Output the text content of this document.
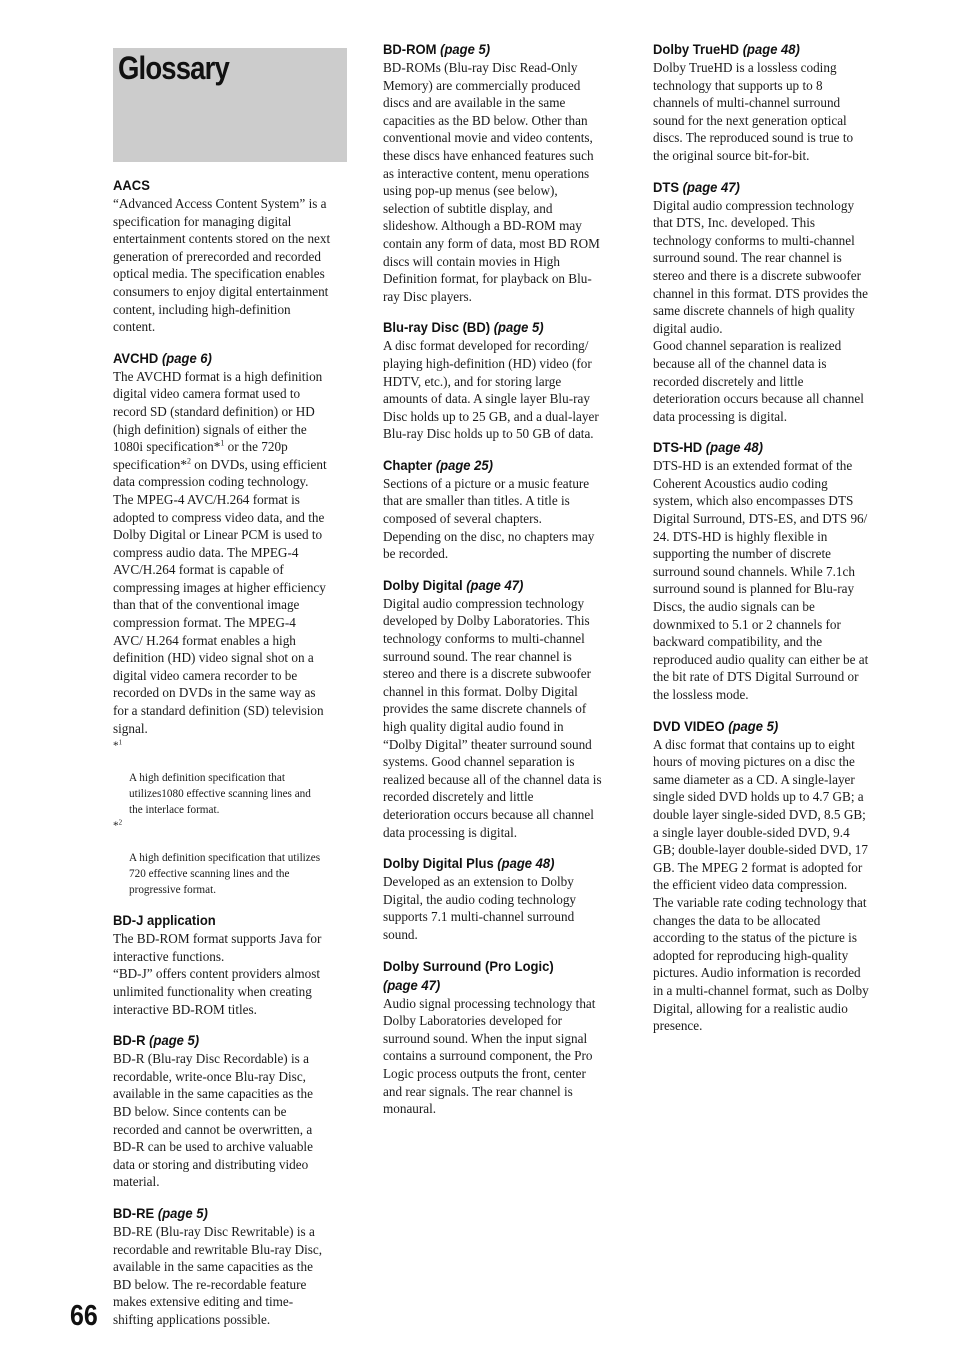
Glossary
AACS
“Advanced Access Content System” is a
specification for managing digital
entertainment contents stored on the next
generation of prerecorded and recorded
optical media. The specification enables
consumers to enjoy digital entertainment
content, including high-definition
content.
AVCHD (page 6)
The AVCHD format is a high definition
digital video camera format used to
record SD (standard definition) or HD
(high definition) signals of either the
1080i specification*$^1$ or the 720p
specification*$^2$ on DVDs, using efficient
data compression coding technology.
The MPEG-4 AVC/H.264 format is
adopted to compress video data, and the
Dolby Digital or Linear PCM is used to
compress audio data. The MPEG-4
AVC/H.264 format is capable of
compressing images at higher efficiency
than that of the conventional image
compression format. The MPEG-4
AVC/ H.264 format enables a high
definition (HD) video signal shot on a
digital video camera recorder to be
recorded on DVDs in the same way as
for a standard definition (SD) television
signal.

*$^1$

A high definition specification that
utilizes1080 effective scanning lines and
the interlace format.

*$^2$

A high definition specification that utilizes
720 effective scanning lines and the
progressive format.

BD-J application
The BD-ROM format supports Java for
interactive functions.
“BD-J” offers content providers almost
unlimited functionality when creating
interactive BD-ROM titles.
BD-R (page 5)
BD-R (Blu-ray Disc Recordable) is a
recordable, write-once Blu-ray Disc,
available in the same capacities as the
BD below. Since contents can be
recorded and cannot be overwritten, a
BD-R can be used to archive valuable
data or storing and distributing video
material.
BD-RE (page 5)
BD-RE (Blu-ray Disc Rewritable) is a
recordable and rewritable Blu-ray Disc,
available in the same capacities as the
BD below. The re-recordable feature
makes extensive editing and time-
shifting applications possible.
BD-ROM (page 5)
BD-ROMs (Blu-ray Disc Read-Only
Memory) are commercially produced
discs and are available in the same
capacities as the BD below. Other than
conventional movie and video contents,
these discs have enhanced features such
as interactive content, menu operations
using pop-up menus (see below),
selection of subtitle display, and
slideshow. Although a BD-ROM may
contain any form of data, most BD ROM
discs will contain movies in High
Definition format, for playback on Blu-
ray Disc players.
Blu-ray Disc (BD) (page 5)
A disc format developed for recording/
playing high-definition (HD) video (for
HDTV, etc.), and for storing large
amounts of data. A single layer Blu-ray
Disc holds up to 25 GB, and a dual-layer
Blu-ray Disc holds up to 50 GB of data.
Chapter (page 25)
Sections of a picture or a music feature
that are smaller than titles. A title is
composed of several chapters.
Depending on the disc, no chapters may
be recorded.
Dolby Digital (page 47)
Digital audio compression technology
developed by Dolby Laboratories. This
technology conforms to multi-channel
surround sound. The rear channel is
stereo and there is a discrete subwoofer
channel in this format. Dolby Digital
provides the same discrete channels of
high quality digital audio found in
“Dolby Digital” theater surround sound
systems. Good channel separation is
realized because all of the channel data is
recorded discretely and little
deterioration occurs because all channel
data processing is digital.
Dolby Digital Plus (page 48)
Developed as an extension to Dolby
Digital, the audio coding technology
supports 7.1 multi-channel surround
sound.
Dolby Surround (Pro Logic)
(page 47)
Audio signal processing technology that
Dolby Laboratories developed for
surround sound. When the input signal
contains a surround component, the Pro
Logic process outputs the front, center
and rear signals. The rear channel is
monaural.
Dolby TrueHD (page 48)
Dolby TrueHD is a lossless coding
technology that supports up to 8
channels of multi-channel surround
sound for the next generation optical
discs. The reproduced sound is true to
the original source bit-for-bit.
DTS (page 47)
Digital audio compression technology
that DTS, Inc. developed. This
technology conforms to multi-channel
surround sound. The rear channel is
stereo and there is a discrete subwoofer
channel in this format. DTS provides the
same discrete channels of high quality
digital audio.
Good channel separation is realized
because all of the channel data is
recorded discretely and little
deterioration occurs because all channel
data processing is digital.
DTS-HD (page 48)
DTS-HD is an extended format of the
Coherent Acoustics audio coding
system, which also encompasses DTS
Digital Surround, DTS-ES, and DTS 96/
24. DTS-HD is highly flexible in
supporting the number of discrete
surround sound channels. While 7.1ch
surround sound is planned for Blu-ray
Discs, the audio signals can be
downmixed to 5.1 or 2 channels for
backward compatibility, and the
reproduced audio quality can either be at
the bit rate of DTS Digital Surround or
the lossless mode.
DVD VIDEO (page 5)
A disc format that contains up to eight
hours of moving pictures on a disc the
same diameter as a CD. A single-layer
single sided DVD holds up to 4.7 GB; a
double layer single-sided DVD, 8.5 GB;
a single layer double-sided DVD, 9.4
GB; double-layer double-sided DVD, 17
GB. The MPEG 2 format is adopted for
the efficient video data compression.
The variable rate coding technology that
changes the data to be allocated
according to the status of the picture is
adopted for reproducing high-quality
pictures. Audio information is recorded
in a multi-channel format, such as Dolby
Digital, allowing for a realistic audio
presence.
66
